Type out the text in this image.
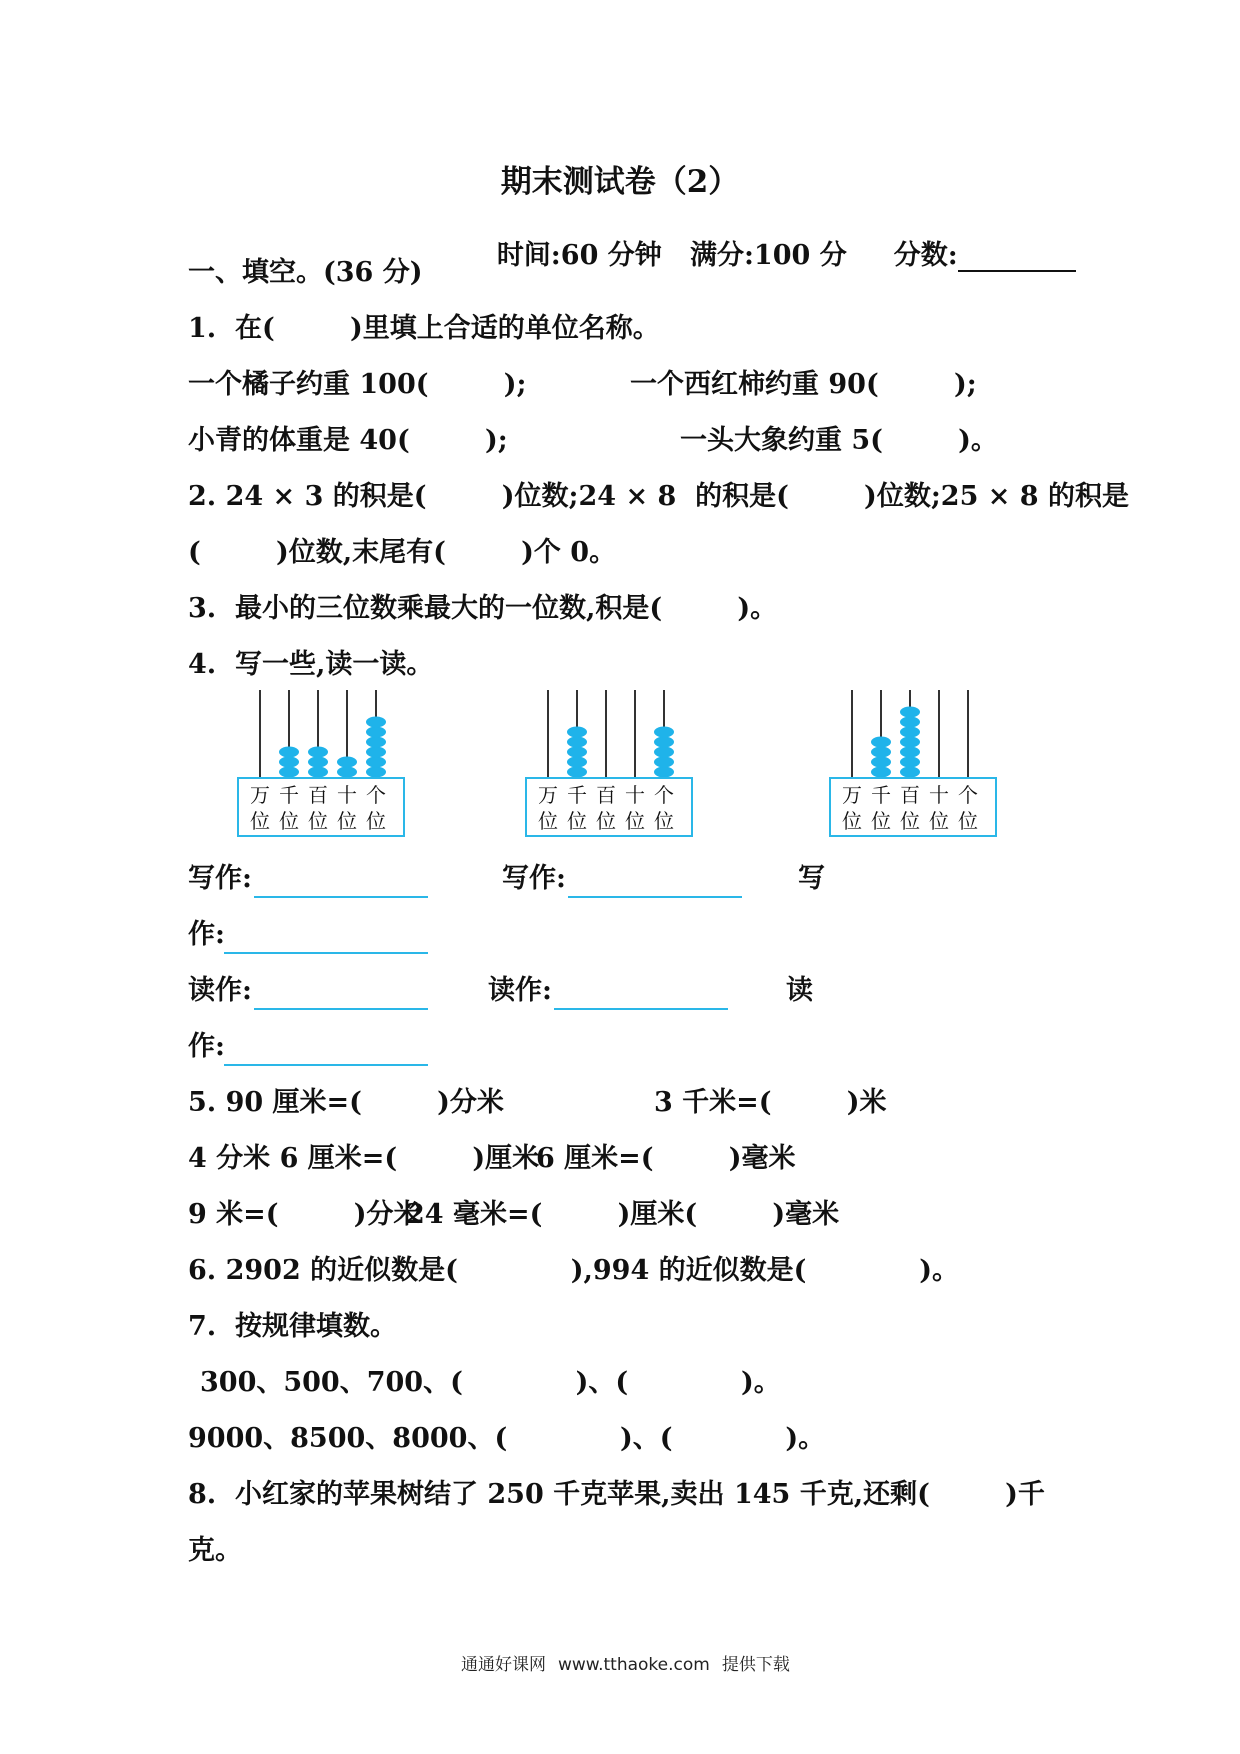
期末测试卷（2）

时间:60 分钟 满分:100 分 分数:

一、填空。(36 分)
1.  在(        )里填上合适的单位名称。
一个橘子约重 100(        );	一个西红柿约重 90(        );
小青的体重是 40(        );	一头大象约重 5(        )。
2. 24 × 3 的积是(        )位数;24 × 8  的积是(        )位数;25 × 8 的积是
(        )位数,末尾有(        )个 0。
3.  最小的三位数乘最大的一位数,积是(        )。
4.  写一些,读一读。
万
位
千
位
百
位
十
位
个
位
万
位
千
位
百
位
十
位
个
位
万
位
千
位
百
位
十
位
个
位
写作:	写作:	写
作:
读作:	读作:	读
作:
5. 90 厘米=(        )分米	3 千米=(        )米
4 分米 6 厘米=(        )厘米
6 厘米=(        )毫米
9 米=(        )分米
24 毫米=(        )厘米(        )毫米
6. 2902 的近似数是(            ),994 的近似数是(            )。
7.  按规律填数。
300、500、700、(            )、(            )。
9000、8500、8000、(            )、(            )。
8.  小红家的苹果树结了 250 千克苹果,卖出 145 千克,还剩(        )千
克。

通通好课网 www.tthaoke.com 提供下载
